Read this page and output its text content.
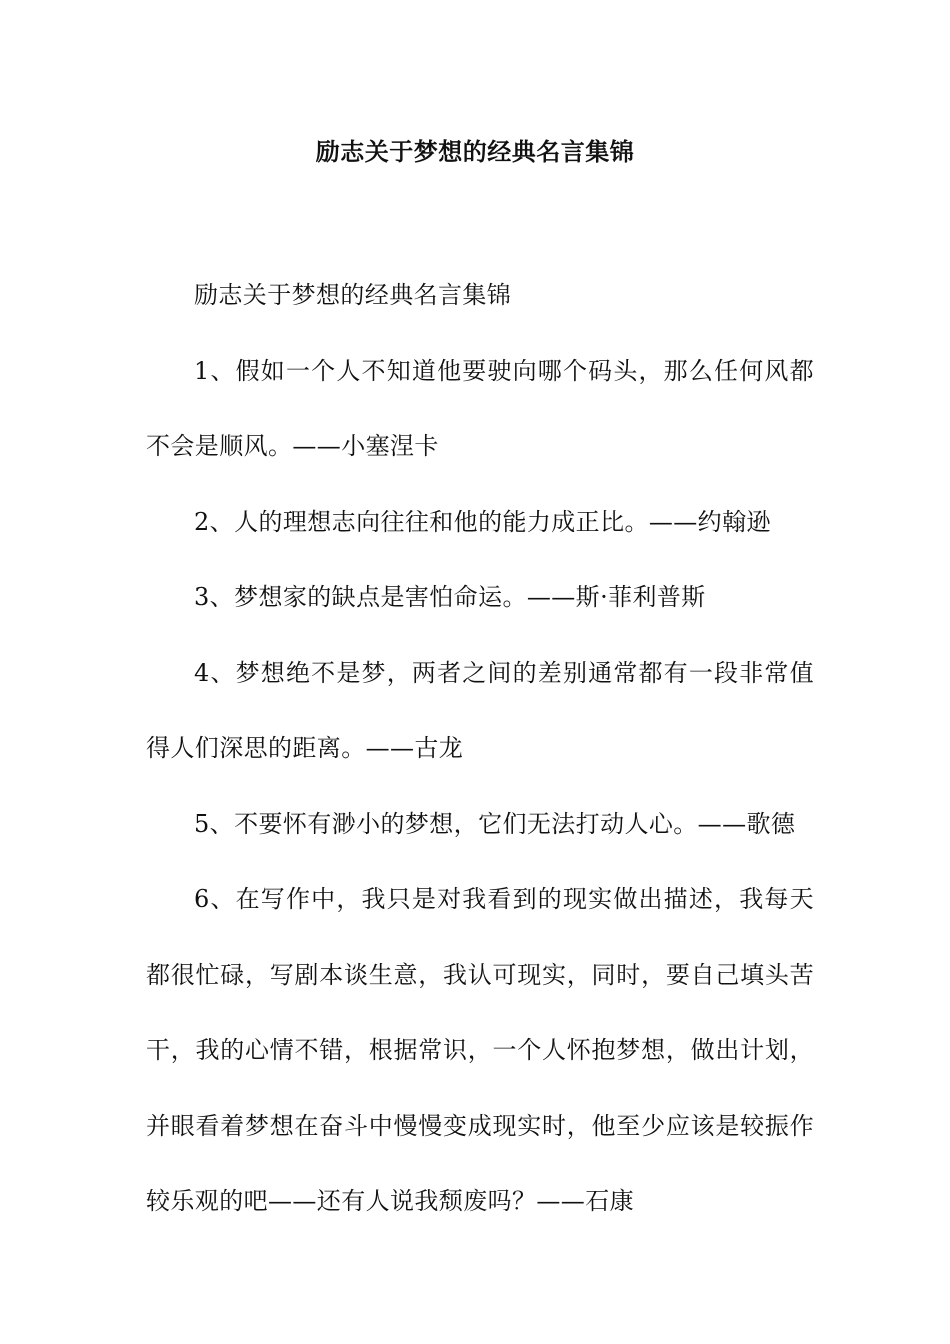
励志关于梦想的经典名言集锦

励志关于梦想的经典名言集锦

1、假如一个人不知道他要驶向哪个码头，那么任何风都不会是顺风。——小塞涅卡

2、人的理想志向往往和他的能力成正比。——约翰逊

3、梦想家的缺点是害怕命运。——斯·菲利普斯

4、梦想绝不是梦，两者之间的差别通常都有一段非常值得人们深思的距离。——古龙

5、不要怀有渺小的梦想，它们无法打动人心。——歌德

6、在写作中，我只是对我看到的现实做出描述，我每天都很忙碌，写剧本谈生意，我认可现实，同时，要自己填头苦干，我的心情不错，根据常识，一个人怀抱梦想，做出计划，并眼看着梦想在奋斗中慢慢变成现实时，他至少应该是较振作较乐观的吧——还有人说我颓废吗？——石康
